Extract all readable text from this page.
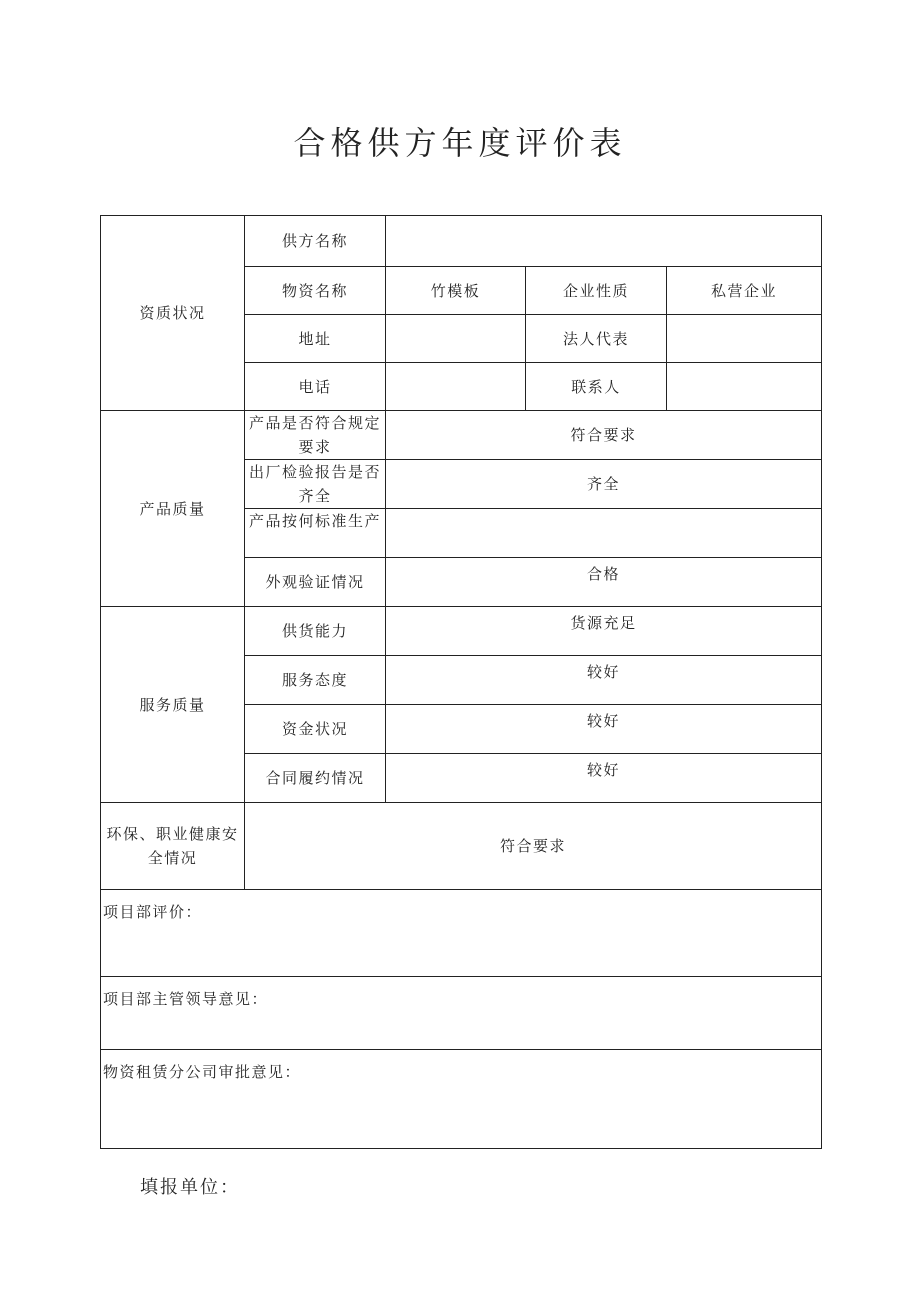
合格供方年度评价表
资质状况	供方名称			
	物资名称	竹模板	企业性质	私营企业
	地址		法人代表	
	电话		联系人	
产品质量	产品是否符合规定要求	符合要求		
	出厂检验报告是否齐全	齐全		
	产品按何标准生产			
	外观验证情况	合格		
服务质量	供货能力	货源充足		
	服务态度	较好		
	资金状况	较好		
	合同履约情况	较好		
环保、职业健康安全情况	符合要求			
项目部评价：				
项目部主管领导意见：				
物资租赁分公司审批意见：				
填报单位：
